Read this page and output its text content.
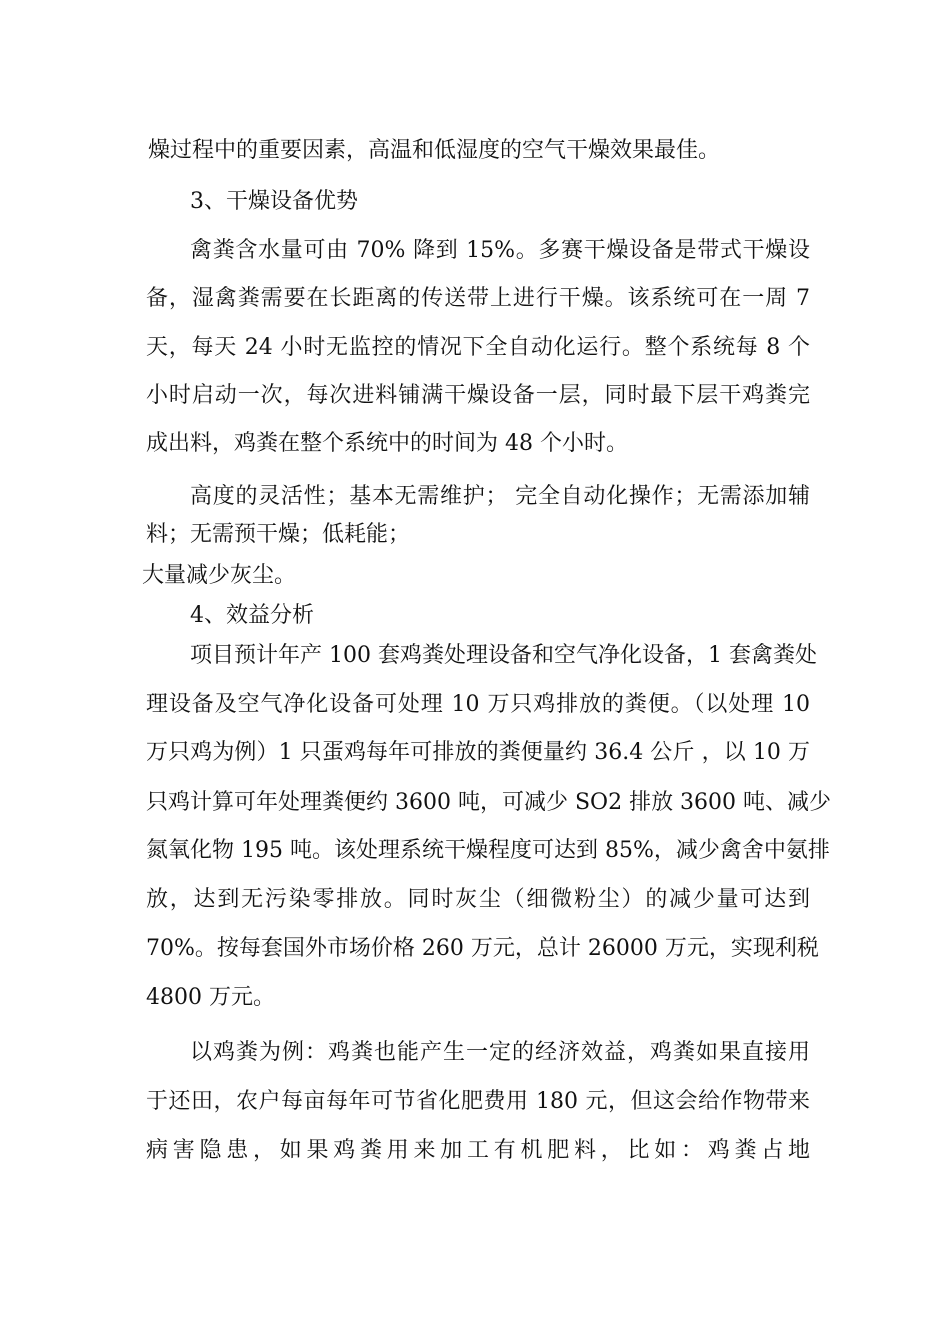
燥过程中的重要因素，高温和低湿度的空气干燥效果最佳。

3、干燥设备优势

禽粪含水量可由 70% 降到 15%。多赛干燥设备是带式干燥设

备，湿禽粪需要在长距离的传送带上进行干燥。该系统可在一周 7

天，每天 24 小时无监控的情况下全自动化运行。整个系统每 8 个

小时启动一次，每次进料铺满干燥设备一层，同时最下层干鸡粪完

成出料，鸡粪在整个系统中的时间为 48 个小时。

高度的灵活性；基本无需维护； 完全自动化操作；无需添加辅

料；无需预干燥；低耗能；

大量减少灰尘。

4、效益分析

项目预计年产 100 套鸡粪处理设备和空气净化设备，1 套禽粪处

理设备及空气净化设备可处理 10 万只鸡排放的粪便。（以处理 10

万只鸡为例）1 只蛋鸡每年可排放的粪便量约 36.4 公斤 ，以 10 万

只鸡计算可年处理粪便约 3600 吨，可减少 SO2 排放 3600 吨、减少

氮氧化物 195 吨。该处理系统干燥程度可达到 85%，减少禽舍中氨排

放，达到无污染零排放。同时灰尘（细微粉尘）的减少量可达到

70%。按每套国外市场价格 260 万元，总计 26000 万元，实现利税

4800 万元。

以鸡粪为例：鸡粪也能产生一定的经济效益，鸡粪如果直接用

于还田，农户每亩每年可节省化肥费用 180 元，但这会给作物带来

病害隐患，如果鸡粪用来加工有机肥料，比如：鸡粪占地
